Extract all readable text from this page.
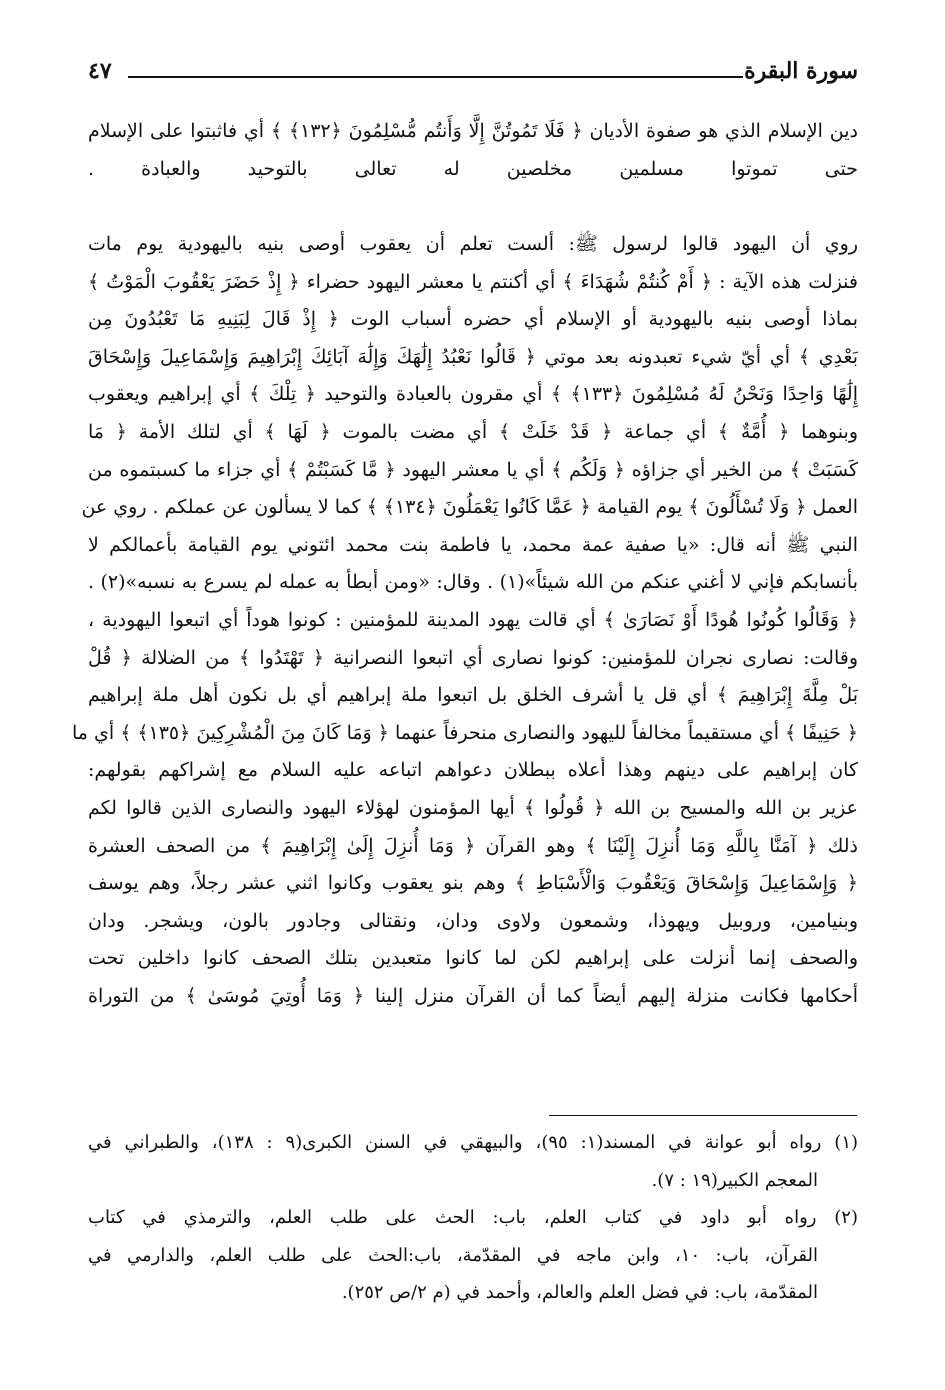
سورة البقرة
٤٧
دين الإسلام الذي هو صفوة الأديان ﴿ فَلَا تَمُوتُنَّ إِلَّا وَأَنتُم مُّسْلِمُونَ ﴿١٣٢﴾ ﴾ أي فاثبتوا على الإسلام
حتى تموتوا مسلمين مخلصين له تعالى بالتوحيد والعبادة .
روي أن اليهود قالوا لرسول ﷺ: ألست تعلم أن يعقوب أوصى بنيه باليهودية يوم مات
فنزلت هذه الآية : ﴿ أَمْ كُنتُمْ شُهَدَاءَ ﴾ أي أكنتم يا معشر اليهود حضراء ﴿ إِذْ حَضَرَ يَعْقُوبَ الْمَوْتُ ﴾
بماذا أوصى بنيه باليهودية أو الإسلام أي حضره أسباب الوت ﴿ إِذْ قَالَ لِبَنِيهِ مَا تَعْبُدُونَ مِن
بَعْدِي ﴾ أي أيّ شيء تعبدونه بعد موتي ﴿ قَالُوا نَعْبُدُ إِلَٰهَكَ وَإِلَٰهَ آبَائِكَ إِبْرَاهِيمَ وَإِسْمَاعِيلَ وَإِسْحَاقَ
إِلَٰهًا وَاحِدًا وَنَحْنُ لَهُ مُسْلِمُونَ ﴿١٣٣﴾ ﴾ أي مقرون بالعبادة والتوحيد ﴿ تِلْكَ ﴾ أي إبراهيم ويعقوب
وبنوهما ﴿ أُمَّةٌ ﴾ أي جماعة ﴿ قَدْ خَلَتْ ﴾ أي مضت بالموت ﴿ لَهَا ﴾ أي لتلك الأمة ﴿ مَا
كَسَبَتْ ﴾ من الخير أي جزاؤه ﴿ وَلَكُم ﴾ أي يا معشر اليهود ﴿ مَّا كَسَبْتُمْ ﴾ أي جزاء ما كسبتموه من
العمل ﴿ وَلَا تُسْأَلُونَ ﴾ يوم القيامة ﴿ عَمَّا كَانُوا يَعْمَلُونَ ﴿١٣٤﴾ ﴾ كما لا يسألون عن عملكم . روي عن
النبي ﷺ أنه قال: «يا صفية عمة محمد، يا فاطمة بنت محمد ائتوني يوم القيامة بأعمالكم لا
بأنسابكم فإني لا أغني عنكم من الله شيئاً»(١) . وقال: «ومن أبطأ به عمله لم يسرع به نسبه»(٢) .
﴿ وَقَالُوا كُونُوا هُودًا أَوْ نَصَارَىٰ ﴾ أي قالت يهود المدينة للمؤمنين : كونوا هوداً أي اتبعوا اليهودية ،
وقالت: نصارى نجران للمؤمنين: كونوا نصارى أي اتبعوا النصرانية ﴿ تَهْتَدُوا ﴾ من الضلالة ﴿ قُلْ
بَلْ مِلَّةَ إِبْرَاهِيمَ ﴾ أي قل يا أشرف الخلق بل اتبعوا ملة إبراهيم أي بل نكون أهل ملة إبراهيم
﴿ حَنِيفًا ﴾ أي مستقيماً مخالفاً لليهود والنصارى منحرفاً عنهما ﴿ وَمَا كَانَ مِنَ الْمُشْرِكِينَ ﴿١٣٥﴾ ﴾ أي ما
كان إبراهيم على دينهم وهذا أعلاه ببطلان دعواهم اتباعه عليه السلام مع إشراكهم بقولهم:
عزير بن الله والمسيح بن الله ﴿ قُولُوا ﴾ أيها المؤمنون لهؤلاء اليهود والنصارى الذين قالوا لكم
ذلك ﴿ آمَنَّا بِاللَّهِ وَمَا أُنزِلَ إِلَيْنَا ﴾ وهو القرآن ﴿ وَمَا أُنزِلَ إِلَىٰ إِبْرَاهِيمَ ﴾ من الصحف العشرة
﴿ وَإِسْمَاعِيلَ وَإِسْحَاقَ وَيَعْقُوبَ وَالْأَسْبَاطِ ﴾ وهم بنو يعقوب وكانوا اثني عشر رجلاً، وهم يوسف
وبنيامين، وروبيل ويهوذا، وشمعون ولاوى ودان، ونقتالى وجادور بالون، ويشجر. ودان
والصحف إنما أنزلت على إبراهيم لكن لما كانوا متعبدين بتلك الصحف كانوا داخلين تحت
أحكامها فكانت منزلة إليهم أيضاً كما أن القرآن منزل إلينا ﴿ وَمَا أُوتِيَ مُوسَىٰ ﴾ من التوراة
(١) رواه أبو عوانة في المسند(١: ٩٥)، والبيهقي في السنن الكبرى(٩ : ١٣٨)، والطبراني في
المعجم الكبير(١٩ : ٧).
(٢) رواه أبو داود في كتاب العلم، باب: الحث على طلب العلم، والترمذي في كتاب
القرآن، باب: ١٠، وابن ماجه في المقدّمة، باب:الحث على طلب العلم، والدارمي في
المقدّمة، باب: في فضل العلم والعالم، وأحمد في (م ٢/ص ٢٥٢).
